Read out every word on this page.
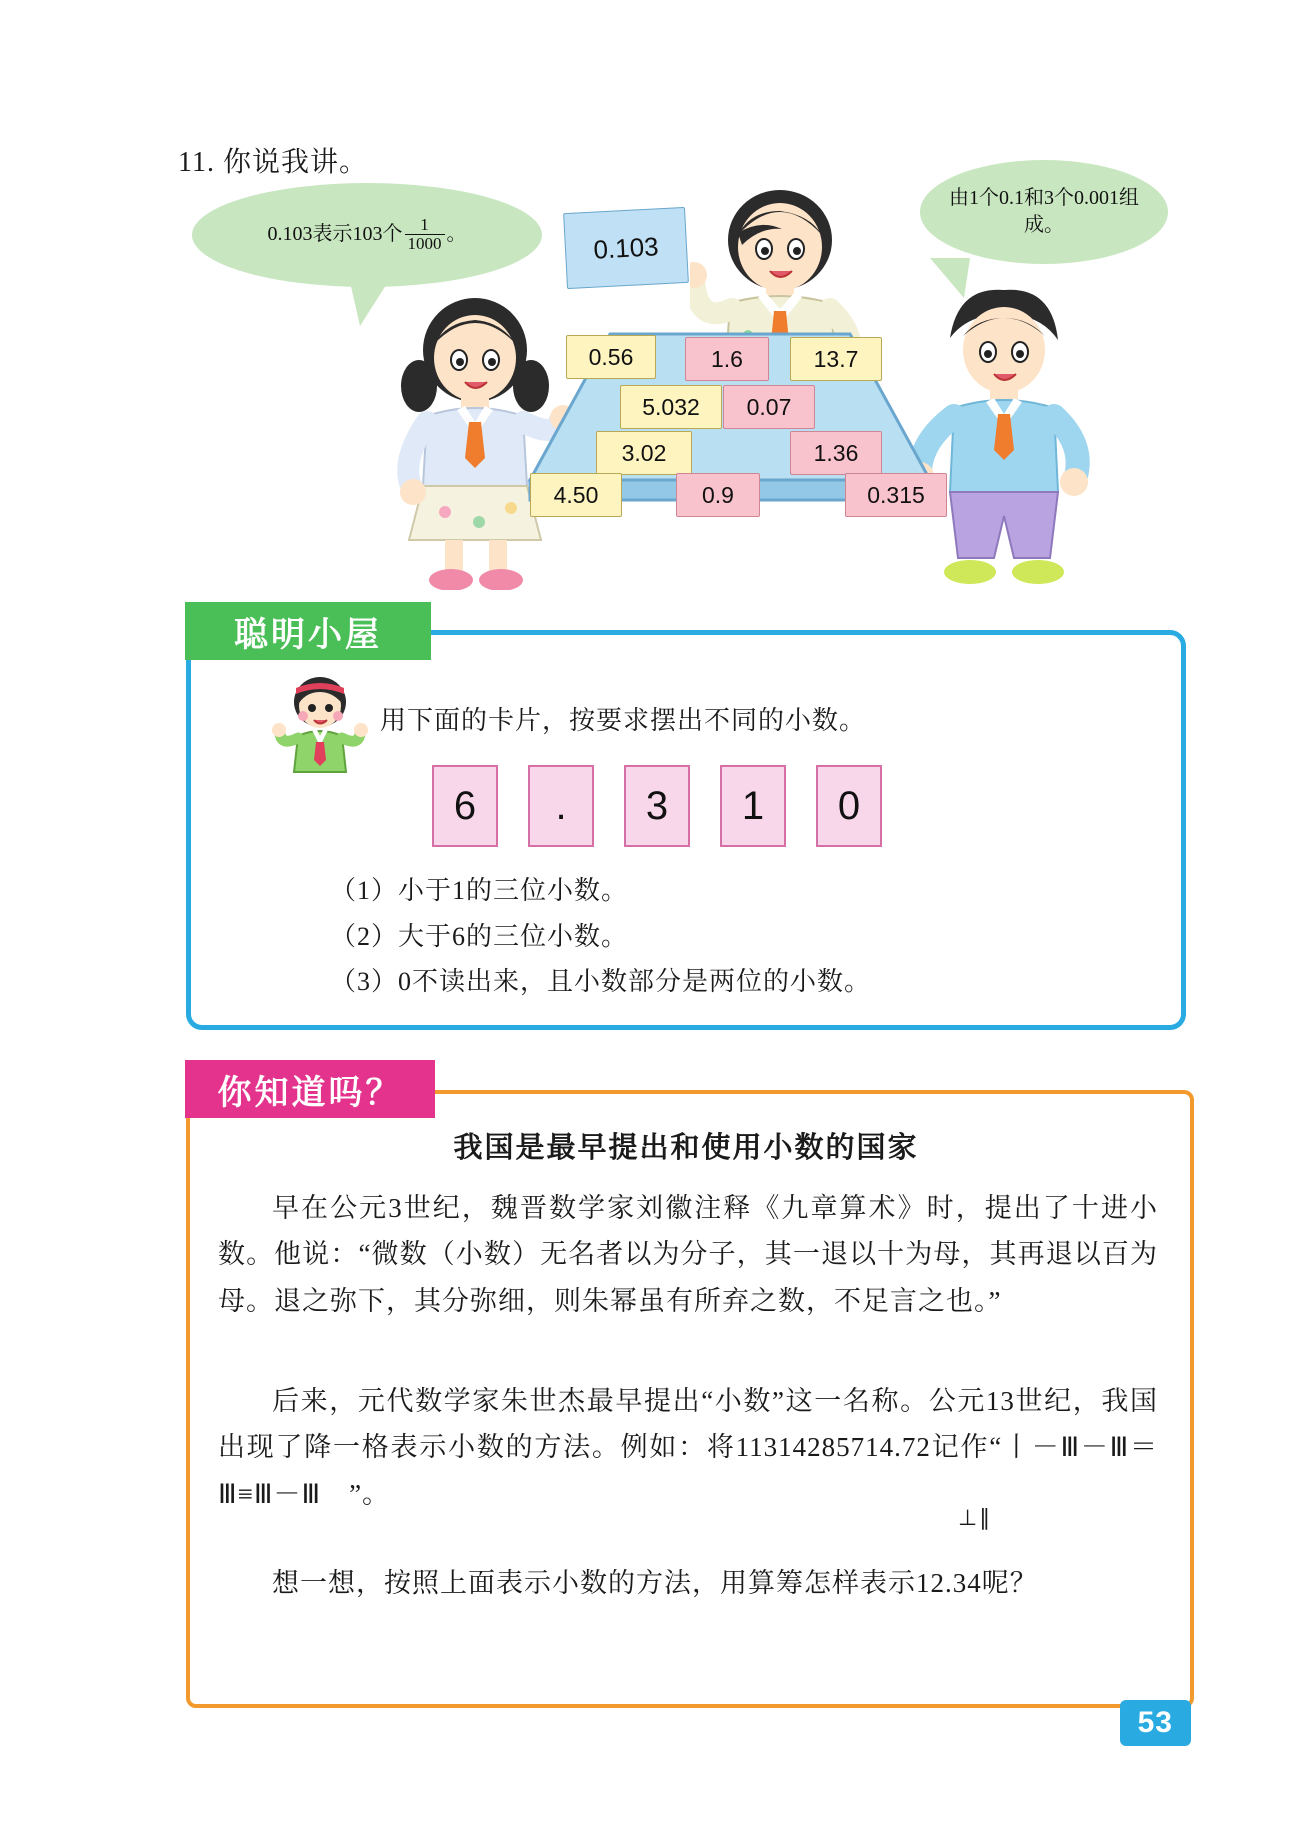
11. 你说我讲。
0.103表示103个 $\frac{1}{1000}$ 。
由1个0.1和3个0.001组成。
0.103
0.56	1.6	13.7
5.032	0.07
3.02	1.36
4.50	0.9	0.315
聪明小屋
用下面的卡片，按要求摆出不同的小数。
6	.	3	1	0
（1）小于1的三位小数。
（2）大于6的三位小数。
（3）0不读出来，且小数部分是两位的小数。
你知道吗？
我国是最早提出和使用小数的国家
早在公元3世纪，魏晋数学家刘徽注释《九章算术》时，提出了十进小数。他说：“微数（小数）无名者以为分子，其一退以十为母，其再退以百为母。退之弥下，其分弥细，则朱幂虽有所弃之数，不足言之也。”
后来，元代数学家朱世杰最早提出“小数”这一名称。公元13世纪，我国出现了降一格表示小数的方法。例如：将11314285714.72记作“丨－Ⅲ－Ⅲ＝Ⅲ≡Ⅲ－Ⅲ　”。
⊥∥
想一想，按照上面表示小数的方法，用算筹怎样表示12.34呢？
53
